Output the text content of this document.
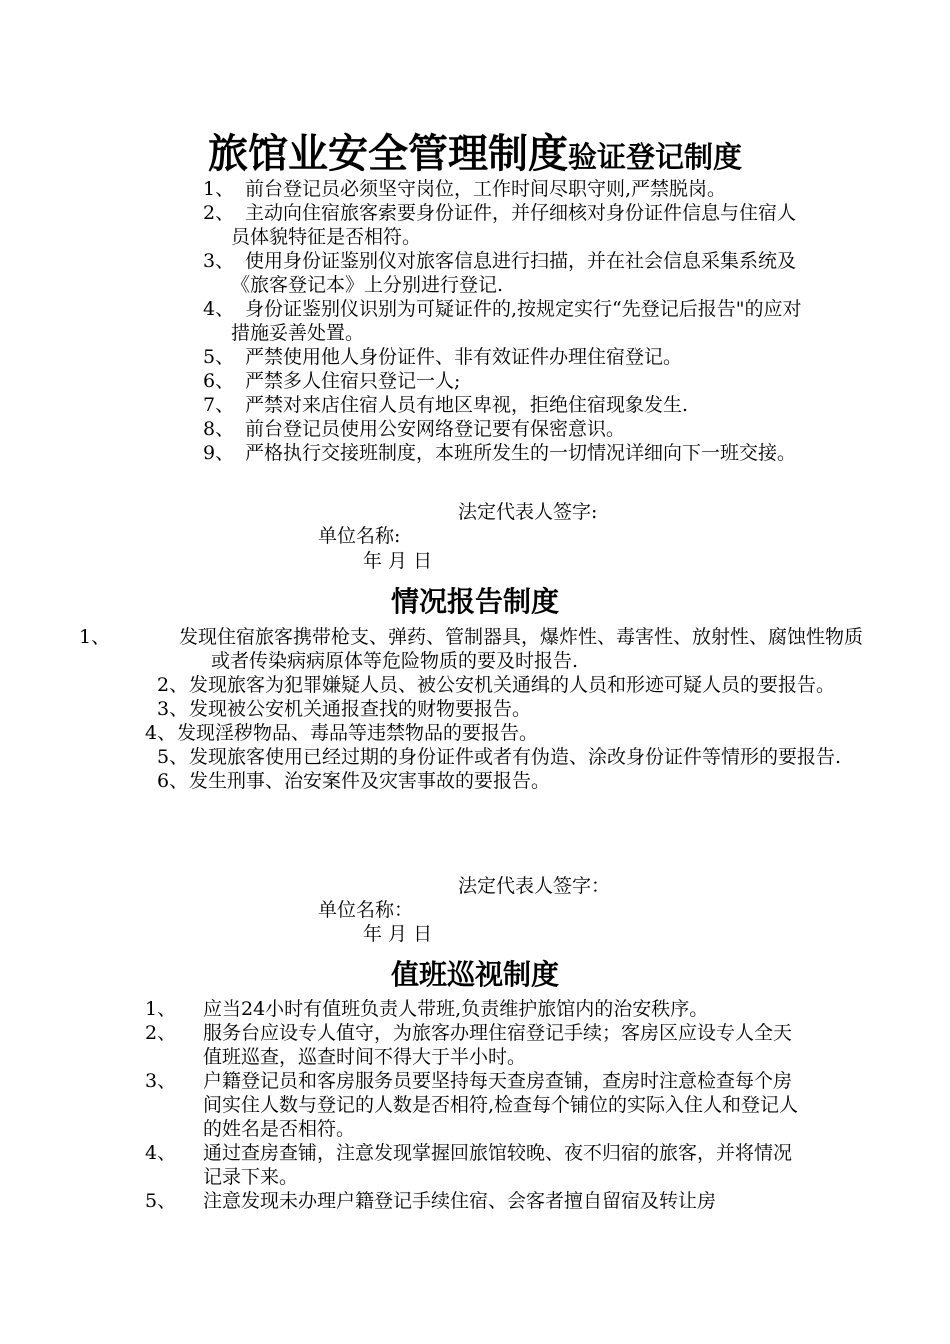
旅馆业安全管理制度验证登记制度
1、 前台登记员必须坚守岗位，工作时间尽职守则,严禁脱岗。
2、 主动向住宿旅客索要身份证件，并仔细核对身份证件信息与住宿人员体貌特征是否相符。
3、 使用身份证鉴别仪对旅客信息进行扫描，并在社会信息采集系统及《旅客登记本》上分别进行登记.
4、 身份证鉴别仪识别为可疑证件的,按规定实行“先登记后报告"的应对措施妥善处置。
5、 严禁使用他人身份证件、非有效证件办理住宿登记。
6、 严禁多人住宿只登记一人;
7、 严禁对来店住宿人员有地区卑视，拒绝住宿现象发生.
8、 前台登记员使用公安网络登记要有保密意识。
9、 严格执行交接班制度，本班所发生的一切情况详细向下一班交接。
法定代表人签字:
单位名称:
年 月 日
情况报告制度
1、	发现住宿旅客携带枪支、弹药、管制器具，爆炸性、毒害性、放射性、腐蚀性物质或者传染病病原体等危险物质的要及时报告.
2、 发现旅客为犯罪嫌疑人员、被公安机关通缉的人员和形迹可疑人员的要报告。
3、 发现被公安机关通报查找的财物要报告。
4、 发现淫秽物品、毒品等违禁物品的要报告。
5、 发现旅客使用已经过期的身份证件或者有伪造、涂改身份证件等情形的要报告.
6、 发生刑事、治安案件及灾害事故的要报告。
法定代表人签字：
单位名称：
年 月 日
值班巡视制度
1、 应当24小时有值班负责人带班,负责维护旅馆内的治安秩序。
2、 服务台应设专人值守，为旅客办理住宿登记手续；客房区应设专人全天值班巡查，巡查时间不得大于半小时。
3、 户籍登记员和客房服务员要坚持每天查房查铺，查房时注意检查每个房间实住人数与登记的人数是否相符,检查每个铺位的实际入住人和登记人的姓名是否相符。
4、 通过查房查铺，注意发现掌握回旅馆较晚、夜不归宿的旅客，并将情况记录下来。
5、 注意发现未办理户籍登记手续住宿、会客者擅自留宿及转让房
